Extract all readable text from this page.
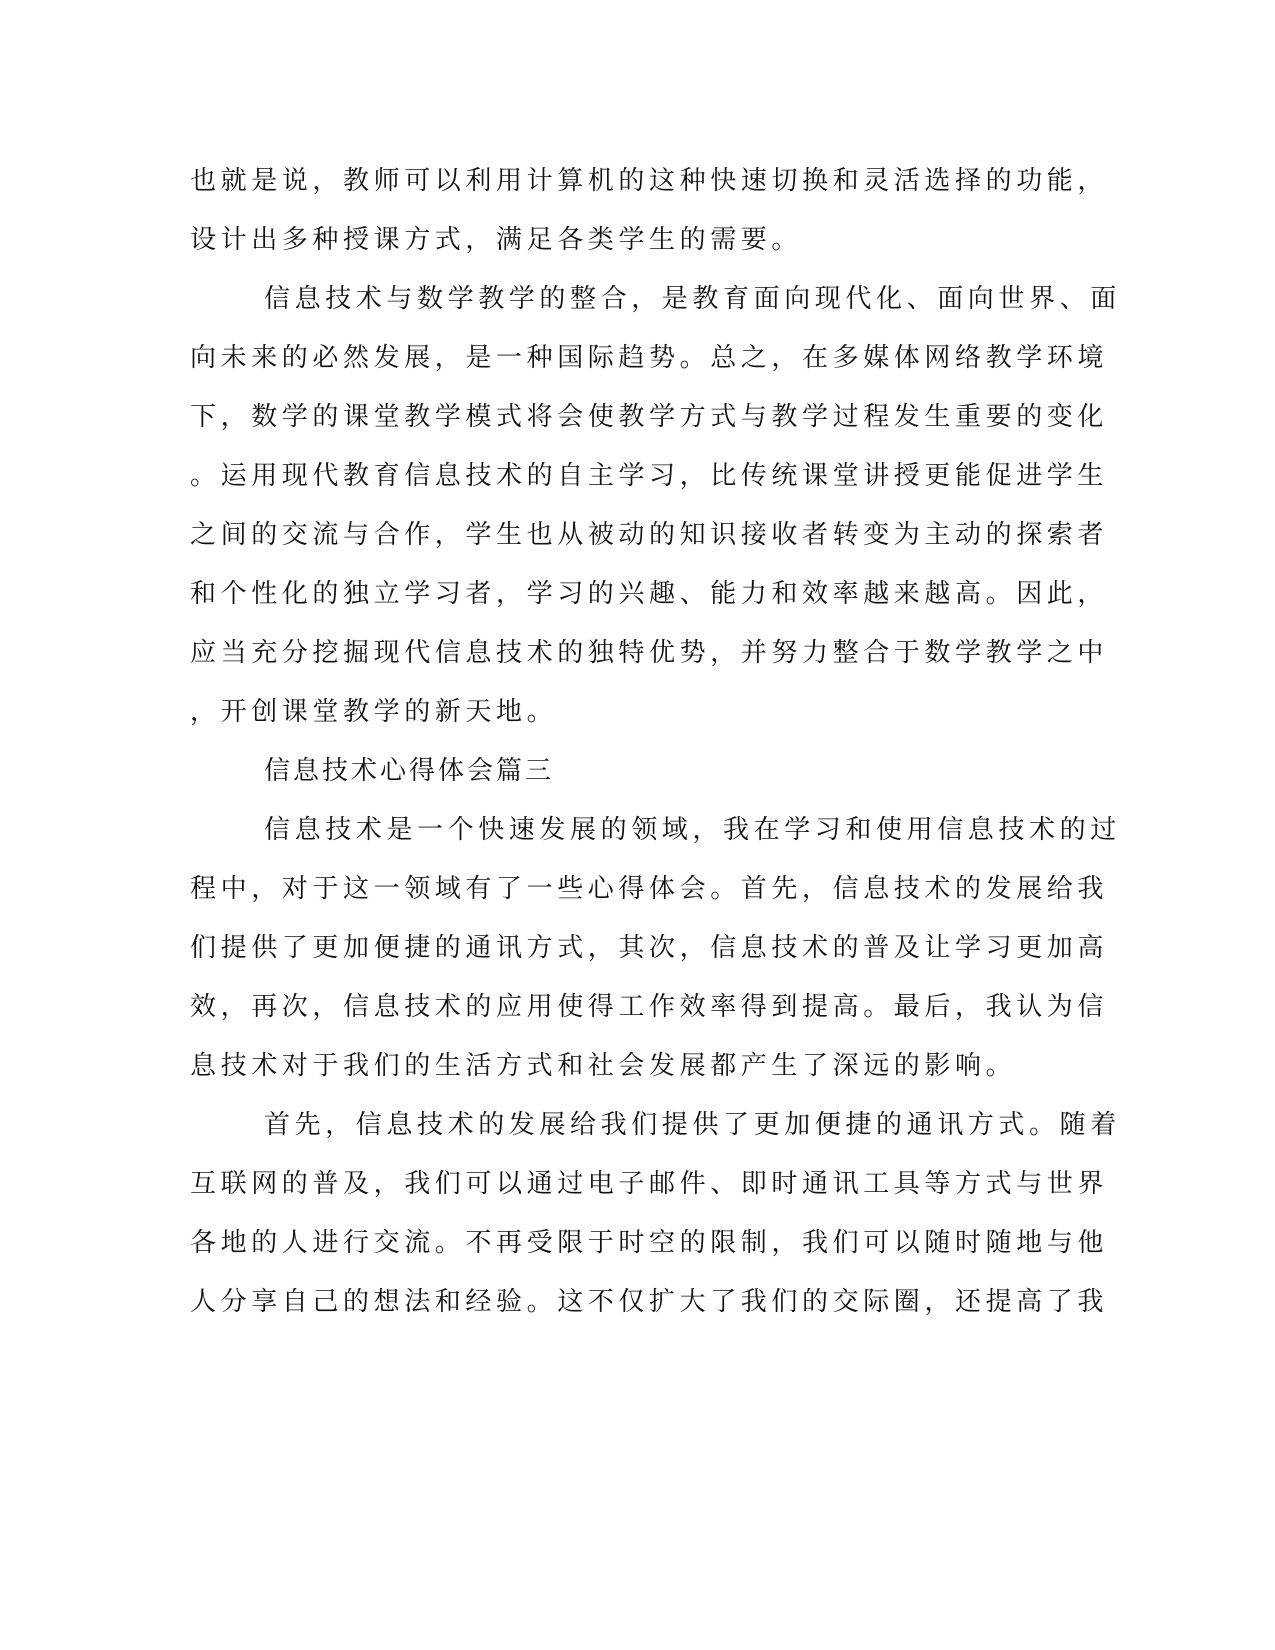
也就是说，教师可以利用计算机的这种快速切换和灵活选择的功能，
设计出多种授课方式，满足各类学生的需要。
信息技术与数学教学的整合，是教育面向现代化、面向世界、面
向未来的必然发展，是一种国际趋势。总之，在多媒体网络教学环境
下，数学的课堂教学模式将会使教学方式与教学过程发生重要的变化
。运用现代教育信息技术的自主学习，比传统课堂讲授更能促进学生
之间的交流与合作，学生也从被动的知识接收者转变为主动的探索者
和个性化的独立学习者，学习的兴趣、能力和效率越来越高。因此，
应当充分挖掘现代信息技术的独特优势，并努力整合于数学教学之中
，开创课堂教学的新天地。
信息技术心得体会篇三
信息技术是一个快速发展的领域，我在学习和使用信息技术的过
程中，对于这一领域有了一些心得体会。首先，信息技术的发展给我
们提供了更加便捷的通讯方式，其次，信息技术的普及让学习更加高
效，再次，信息技术的应用使得工作效率得到提高。最后，我认为信
息技术对于我们的生活方式和社会发展都产生了深远的影响。
首先，信息技术的发展给我们提供了更加便捷的通讯方式。随着
互联网的普及，我们可以通过电子邮件、即时通讯工具等方式与世界
各地的人进行交流。不再受限于时空的限制，我们可以随时随地与他
人分享自己的想法和经验。这不仅扩大了我们的交际圈，还提高了我
